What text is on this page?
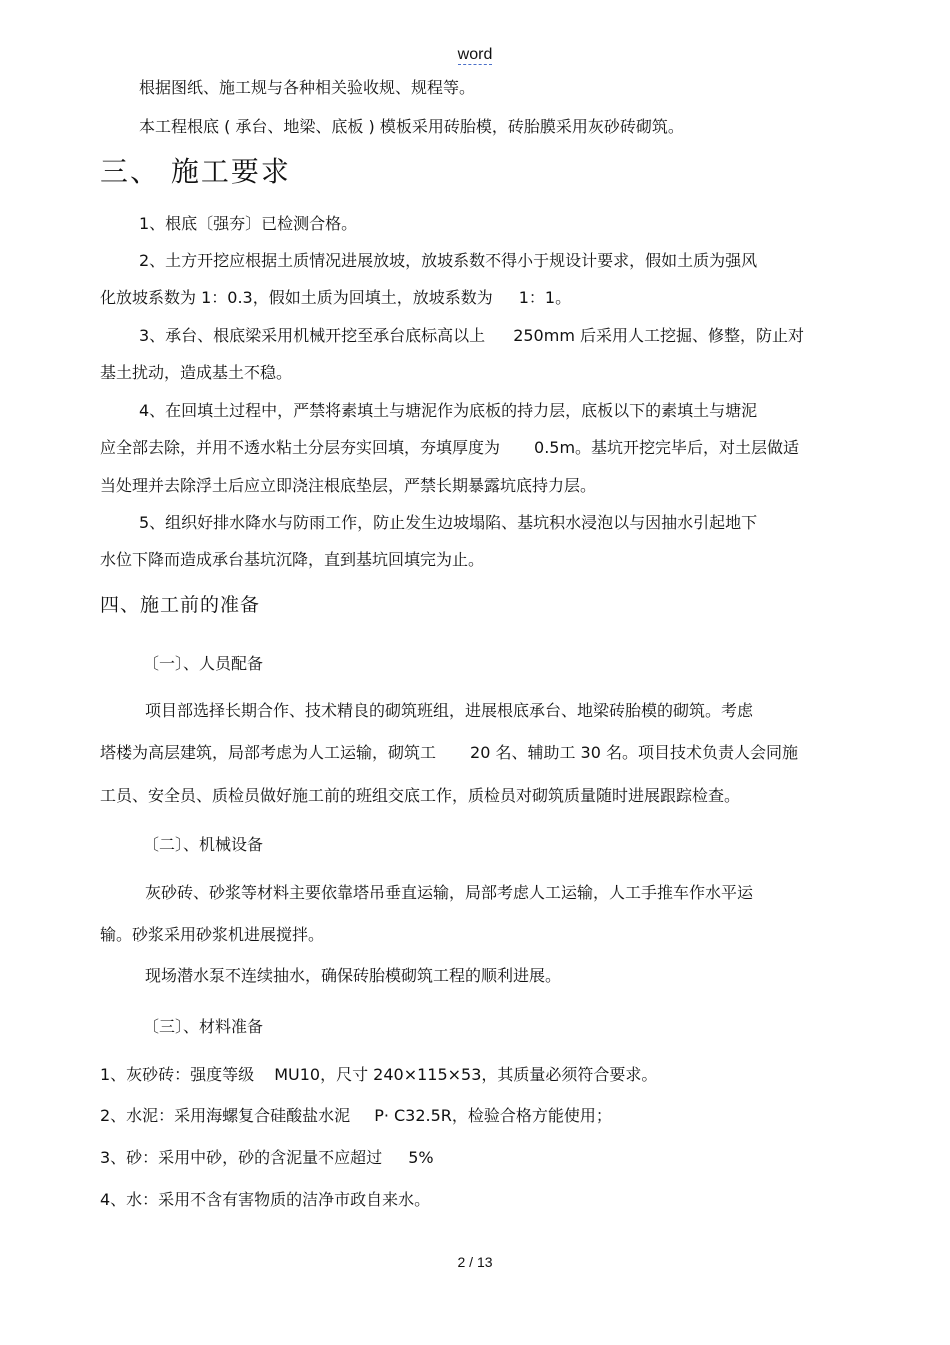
word
根据图纸、施工规与各种相关验收规、规程等。
本工程根底 ( 承台、地梁、底板 ) 模板采用砖胎模，砖胎膜采用灰砂砖砌筑。
三、 施工要求
1、根底〔强夯〕已检测合格。
2、土方开挖应根据土质情况进展放坡，放坡系数不得小于规设计要求，假如土质为强风
化放坡系数为 1：0.3，假如土质为回填土，放坡系数为 1：1。
3、承台、根底梁采用机械开挖至承台底标高以上 250mm 后采用人工挖掘、修整，防止对
基土扰动，造成基土不稳。
4、在回填土过程中，严禁将素填土与塘泥作为底板的持力层，底板以下的素填土与塘泥
应全部去除，并用不透水粘土分层夯实回填，夯填厚度为 0.5m。基坑开挖完毕后，对土层做适
当处理并去除浮土后应立即浇注根底垫层，严禁长期暴露坑底持力层。
5、组织好排水降水与防雨工作，防止发生边坡塌陷、基坑积水浸泡以与因抽水引起地下
水位下降而造成承台基坑沉降，直到基坑回填完为止。
四、施工前的准备
〔一〕、人员配备
项目部选择长期合作、技术精良的砌筑班组，进展根底承台、地梁砖胎模的砌筑。考虑
塔楼为高层建筑，局部考虑为人工运输，砌筑工 20 名、辅助工 30 名。项目技术负责人会同施
工员、安全员、质检员做好施工前的班组交底工作，质检员对砌筑质量随时进展跟踪检查。
〔二〕、机械设备
灰砂砖、砂浆等材料主要依靠塔吊垂直运输，局部考虑人工运输，人工手推车作水平运
输。砂浆采用砂浆机进展搅拌。
现场潜水泵不连续抽水，确保砖胎模砌筑工程的顺利进展。
〔三〕、材料准备
1、灰砂砖：强度等级 MU10，尺寸 240×115×53，其质量必须符合要求。
2、水泥：采用海螺复合硅酸盐水泥 P· C32.5R，检验合格方能使用；
3、砂：采用中砂，砂的含泥量不应超过 5%
4、水：采用不含有害物质的洁净市政自来水。
2 / 13
